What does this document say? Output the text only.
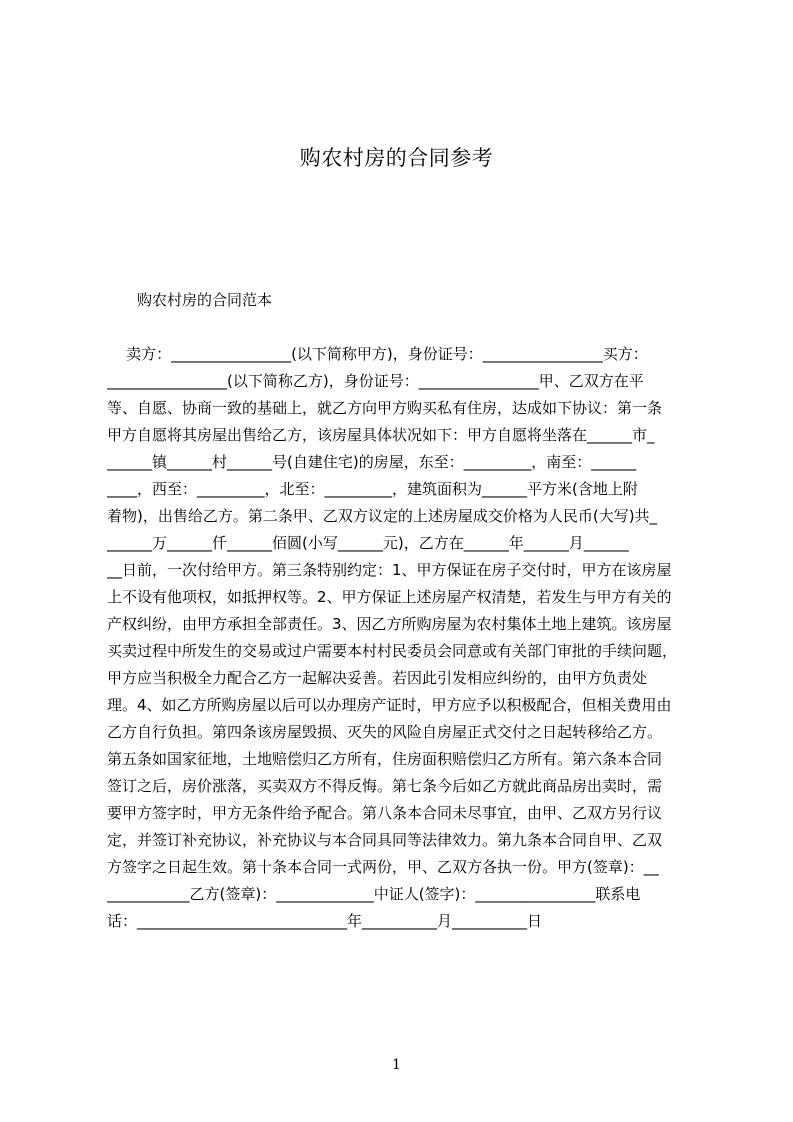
购农村房的合同参考
购农村房的合同范本
卖方：________________(以下简称甲方)，身份证号：________________买方：
________________(以下简称乙方)，身份证号：________________甲、乙双方在平
等、自愿、协商一致的基础上，就乙方向甲方购买私有住房，达成如下协议：第一条
甲方自愿将其房屋出售给乙方，该房屋具体状况如下：甲方自愿将坐落在______市_
______镇______村______号(自建住宅)的房屋，东至：_________，南至：______
____，西至：_________，北至：_________，建筑面积为______平方米(含地上附
着物)，出售给乙方。第二条甲、乙双方议定的上述房屋成交价格为人民币(大写)共_
______万______仟______佰圆(小写______元)，乙方在______年______月______
__日前，一次付给甲方。第三条特别约定：1、甲方保证在房子交付时，甲方在该房屋
上不设有他项权，如抵押权等。2、甲方保证上述房屋产权清楚，若发生与甲方有关的
产权纠纷，由甲方承担全部责任。3、因乙方所购房屋为农村集体土地上建筑。该房屋
买卖过程中所发生的交易或过户需要本村村民委员会同意或有关部门审批的手续问题，
甲方应当积极全力配合乙方一起解决妥善。若因此引发相应纠纷的，由甲方负责处
理。4、如乙方所购房屋以后可以办理房产证时，甲方应予以积极配合，但相关费用由
乙方自行负担。第四条该房屋毁损、灭失的风险自房屋正式交付之日起转移给乙方。
第五条如国家征地，土地赔偿归乙方所有，住房面积赔偿归乙方所有。第六条本合同
签订之后，房价涨落，买卖双方不得反悔。第七条今后如乙方就此商品房出卖时，需
要甲方签字时，甲方无条件给予配合。第八条本合同未尽事宜，由甲、乙双方另行议
定，并签订补充协议，补充协议与本合同具同等法律效力。第九条本合同自甲、乙双
方签字之日起生效。第十条本合同一式两份，甲、乙双方各执一份。甲方(签章)：__
___________乙方(签章)：_____________中证人(签字)：________________联系电
话：____________________________年__________月__________日
1
